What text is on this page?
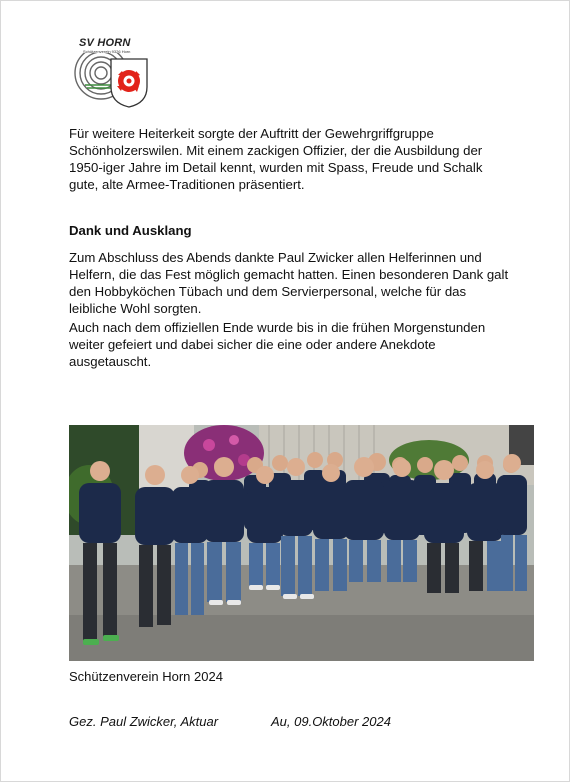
SV HORN
Schützenverein 9326 Horn
Für weitere Heiterkeit sorgte der Auftritt der Gewehrgriffgruppe Schönholzerswilen. Mit einem zackigen Offizier, der die Ausbildung der 1950-iger Jahre im Detail kennt, wurden mit Spass, Freude und Schalk gute, alte Armee-Traditionen präsentiert.
Dank und Ausklang
Zum Abschluss des Abends dankte Paul Zwicker allen Helferinnen und Helfern, die das Fest möglich gemacht hatten. Einen besonderen Dank galt den Hobbyköchen Tübach und dem Servierpersonal, welche für das leibliche Wohl sorgten.
Auch nach dem offiziellen Ende wurde bis in die frühen Morgenstunden weiter gefeiert und dabei sicher die eine oder andere Anekdote ausgetauscht.
Schützenverein Horn 2024
Gez. Paul Zwicker, Aktuar	Au, 09.Oktober 2024
